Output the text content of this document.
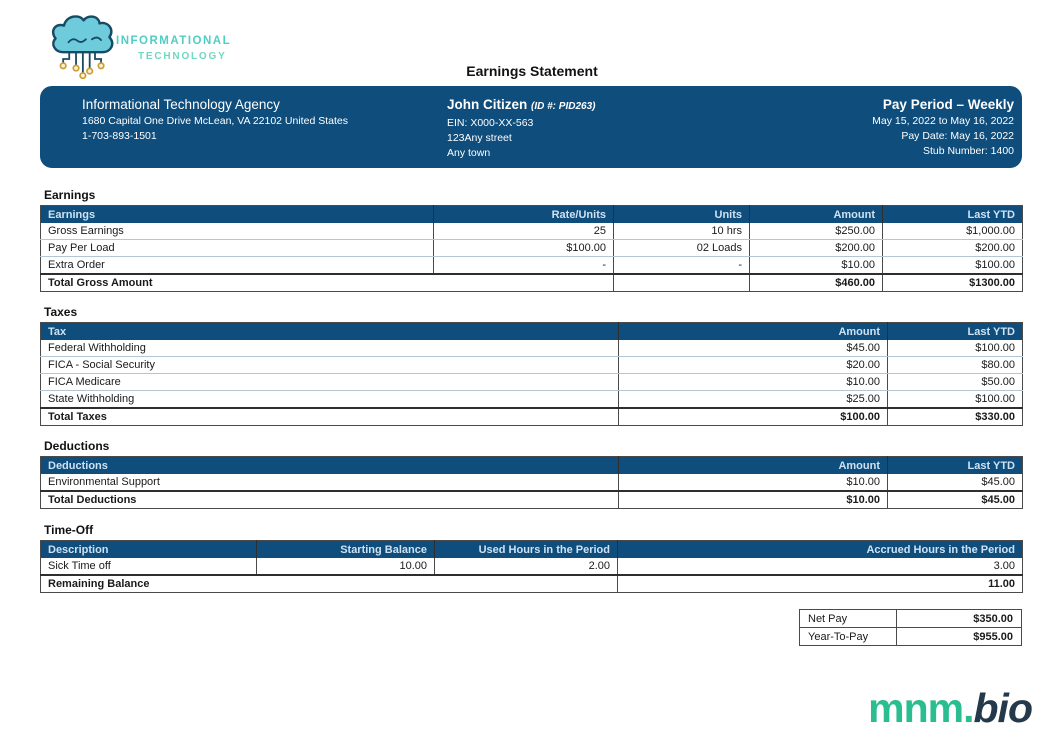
INFORMATIONAL
TECHNOLOGY
Earnings Statement
Informational Technology Agency
1680 Capital One Drive McLean, VA 22102 United States
1-703-893-1501
John Citizen (ID #: PID263)
EIN: X000-XX-563
123Any street
Any town
Pay Period – Weekly
May 15, 2022 to May 16, 2022
Pay Date: May 16, 2022
Stub Number: 1400
Earnings
Earnings	Rate/Units	Units	Amount	Last YTD
Gross Earnings	25	10 hrs	$250.00	$1,000.00
Pay Per Load	$100.00	02 Loads	$200.00	$200.00
Extra Order	-	-	$10.00	$100.00
Total Gross Amount			$460.00	$1300.00
Taxes
Tax	Amount	Last YTD
Federal Withholding	$45.00	$100.00
FICA - Social Security	$20.00	$80.00
FICA Medicare	$10.00	$50.00
State Withholding	$25.00	$100.00
Total Taxes	$100.00	$330.00
Deductions
Deductions	Amount	Last YTD
Environmental Support	$10.00	$45.00
Total Deductions	$10.00	$45.00
Time-Off
Description	Starting Balance	Used Hours in the Period	Accrued Hours in the Period
Sick Time off	10.00	2.00	3.00
Remaining Balance			11.00
Net Pay	$350.00
Year-To-Pay	$955.00
mnm.bio
